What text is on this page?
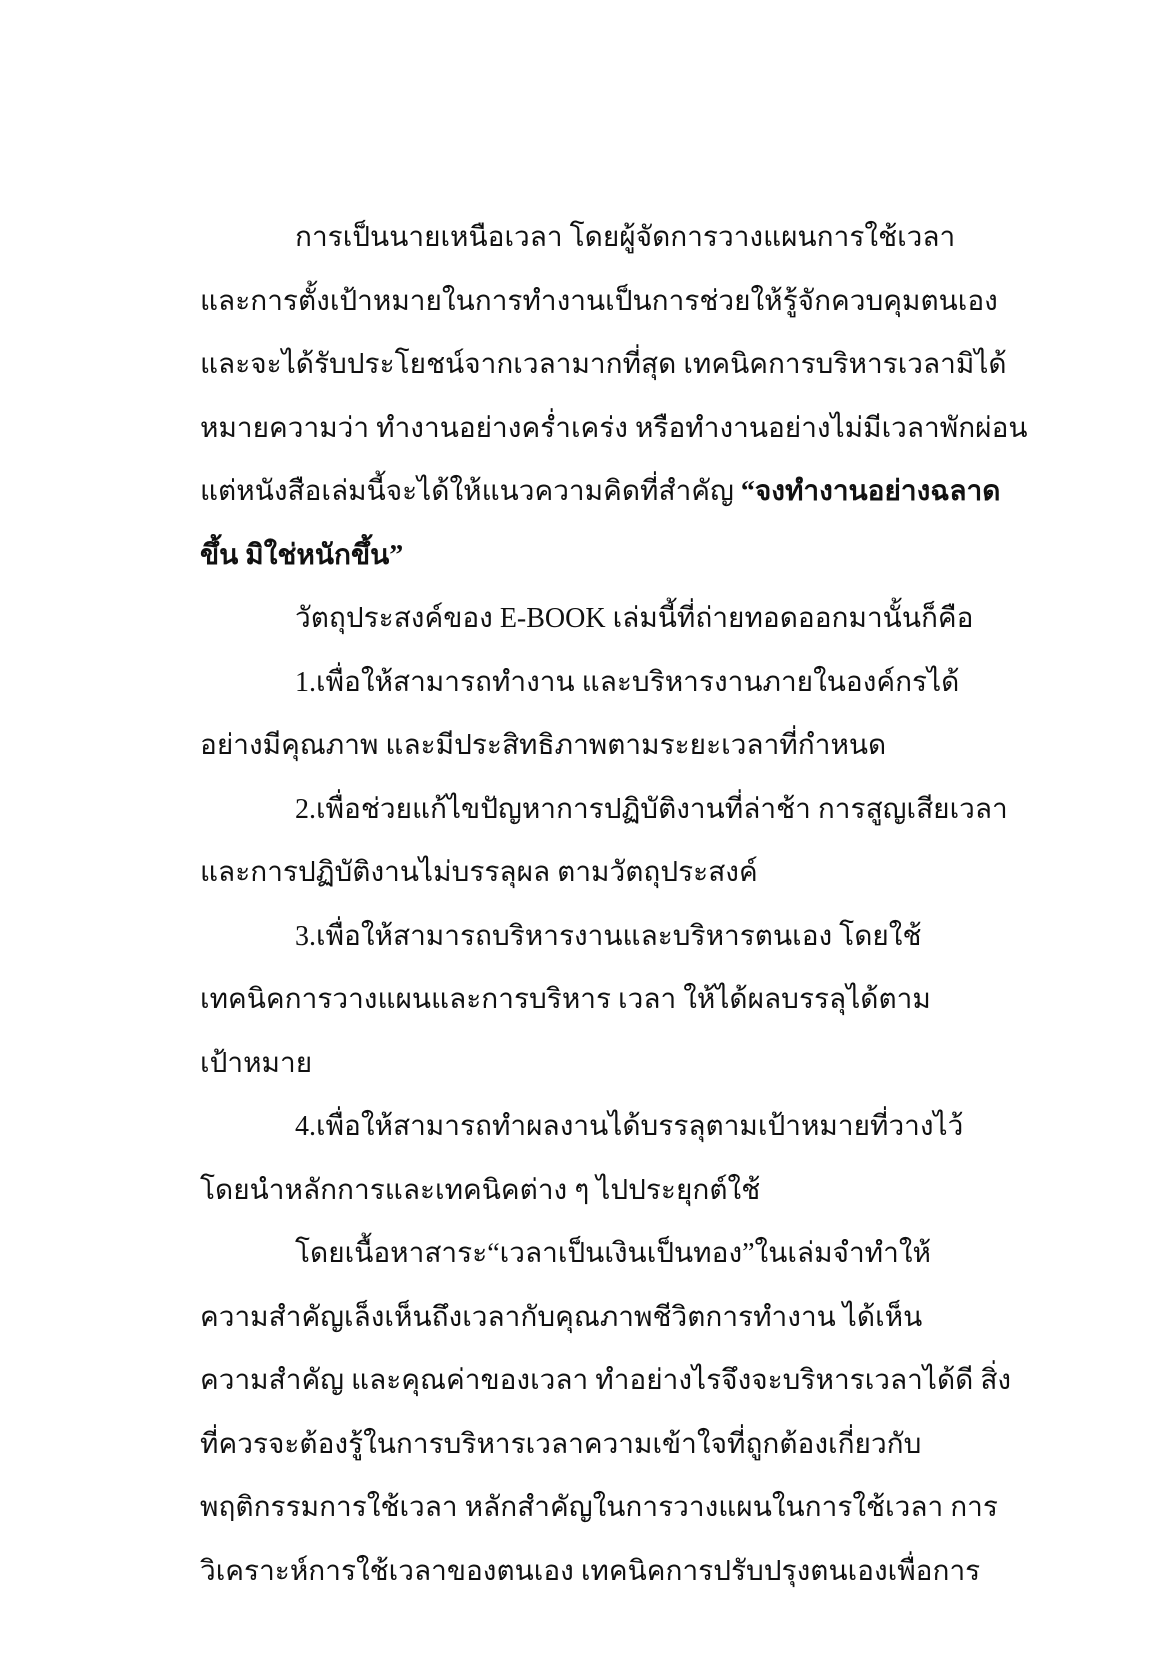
การเป็นนายเหนือเวลา โดยผู้จัดการวางแผนการใช้เวลา
และการตั้งเป้าหมายในการทำงานเป็นการช่วยให้รู้จักควบคุมตนเอง
และจะได้รับประโยชน์จากเวลามากที่สุด เทคนิคการบริหารเวลามิได้
หมายความว่า ทำงานอย่างคร่ำเคร่ง หรือทำงานอย่างไม่มีเวลาพักผ่อน
แต่หนังสือเล่มนี้จะได้ให้แนวความคิดที่สำคัญ “จงทำงานอย่างฉลาด
ขึ้น มิใช่หนักขึ้น”
วัตถุประสงค์ของ E-BOOK เล่มนี้ที่ถ่ายทอดออกมานั้นก็คือ
1.เพื่อให้สามารถทำงาน และบริหารงานภายในองค์กรได้
อย่างมีคุณภาพ และมีประสิทธิภาพตามระยะเวลาที่กำหนด
2.เพื่อช่วยแก้ไขปัญหาการปฏิบัติงานที่ล่าช้า การสูญเสียเวลา
และการปฏิบัติงานไม่บรรลุผล ตามวัตถุประสงค์
3.เพื่อให้สามารถบริหารงานและบริหารตนเอง โดยใช้
เทคนิคการวางแผนและการบริหาร เวลา ให้ได้ผลบรรลุได้ตาม
เป้าหมาย
4.เพื่อให้สามารถทำผลงานได้บรรลุตามเป้าหมายที่วางไว้
โดยนำหลักการและเทคนิคต่าง ๆ ไปประยุกต์ใช้
โดยเนื้อหาสาระ“เวลาเป็นเงินเป็นทอง”ในเล่มจำทำให้
ความสำคัญเล็งเห็นถึงเวลากับคุณภาพชีวิตการทำงาน ได้เห็น
ความสำคัญ และคุณค่าของเวลา ทำอย่างไรจึงจะบริหารเวลาได้ดี สิ่ง
ที่ควรจะต้องรู้ในการบริหารเวลาความเข้าใจที่ถูกต้องเกี่ยวกับ
พฤติกรรมการใช้เวลา หลักสำคัญในการวางแผนในการใช้เวลา การ
วิเคราะห์การใช้เวลาของตนเอง เทคนิคการปรับปรุงตนเองเพื่อการ
